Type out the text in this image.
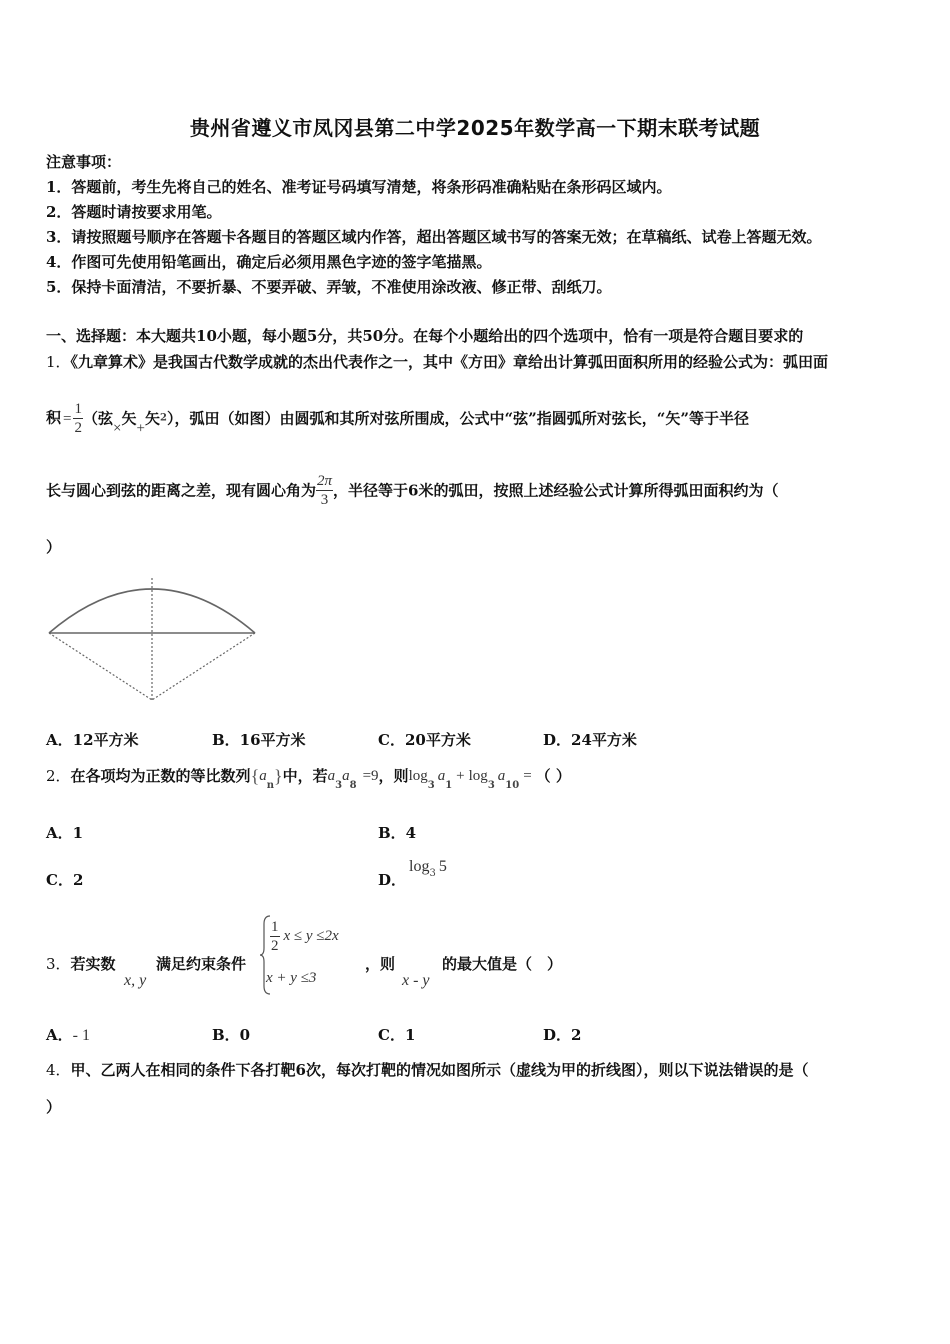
贵州省遵义市凤冈县第二中学2025年数学高一下期末联考试题
注意事项：
1．答题前，考生先将自己的姓名、准考证号码填写清楚，将条形码准确粘贴在条形码区域内。
2．答题时请按要求用笔。
3．请按照题号顺序在答题卡各题目的答题区域内作答，超出答题区域书写的答案无效；在草稿纸、试卷上答题无效。
4．作图可先使用铅笔画出，确定后必须用黑色字迹的签字笔描黑。
5．保持卡面清洁，不要折暴、不要弄破、弄皱，不准使用涂改液、修正带、刮纸刀。
一、选择题：本大题共10小题，每小题5分，共50分。在每个小题给出的四个选项中，恰有一项是符合题目要求的
1．《九章算术》是我国古代数学成就的杰出代表作之一，其中《方田》章给出计算弧田面积所用的经验公式为：弧田面
积 = $\frac{1}{2}$ （弦×矢+矢2），弧田（如图）由圆弧和其所对弦所围成，公式中“弦”指圆弧所对弦长，“矢”等于半径
长与圆心到弦的距离之差，现有圆心角为 $\frac{2\pi}{3}$ ，半径等于6米的弧田，按照上述经验公式计算所得弧田面积约为（
）
A．12平方米	B．16平方米	C．20平方米	D．24平方米
2．在各项均为正数的等比数列$\{a_n\}$中，若$a_3a_8=9$，则$\log_3a_1+ \log_3a_{10}=$ （ ）
A．1	B．4
C．2	D．
$\log_3 5$
3．若实数
x, y
满足约束条件
$\frac{1}{2}$ x ≤ y ≤2x
x + y ≤3
，则
x - y
的最大值是（　）
A．- 1	B．0	C．1	D．2
4．甲、乙两人在相同的条件下各打靶6次，每次打靶的情况如图所示（虚线为甲的折线图），则以下说法错误的是（
）
